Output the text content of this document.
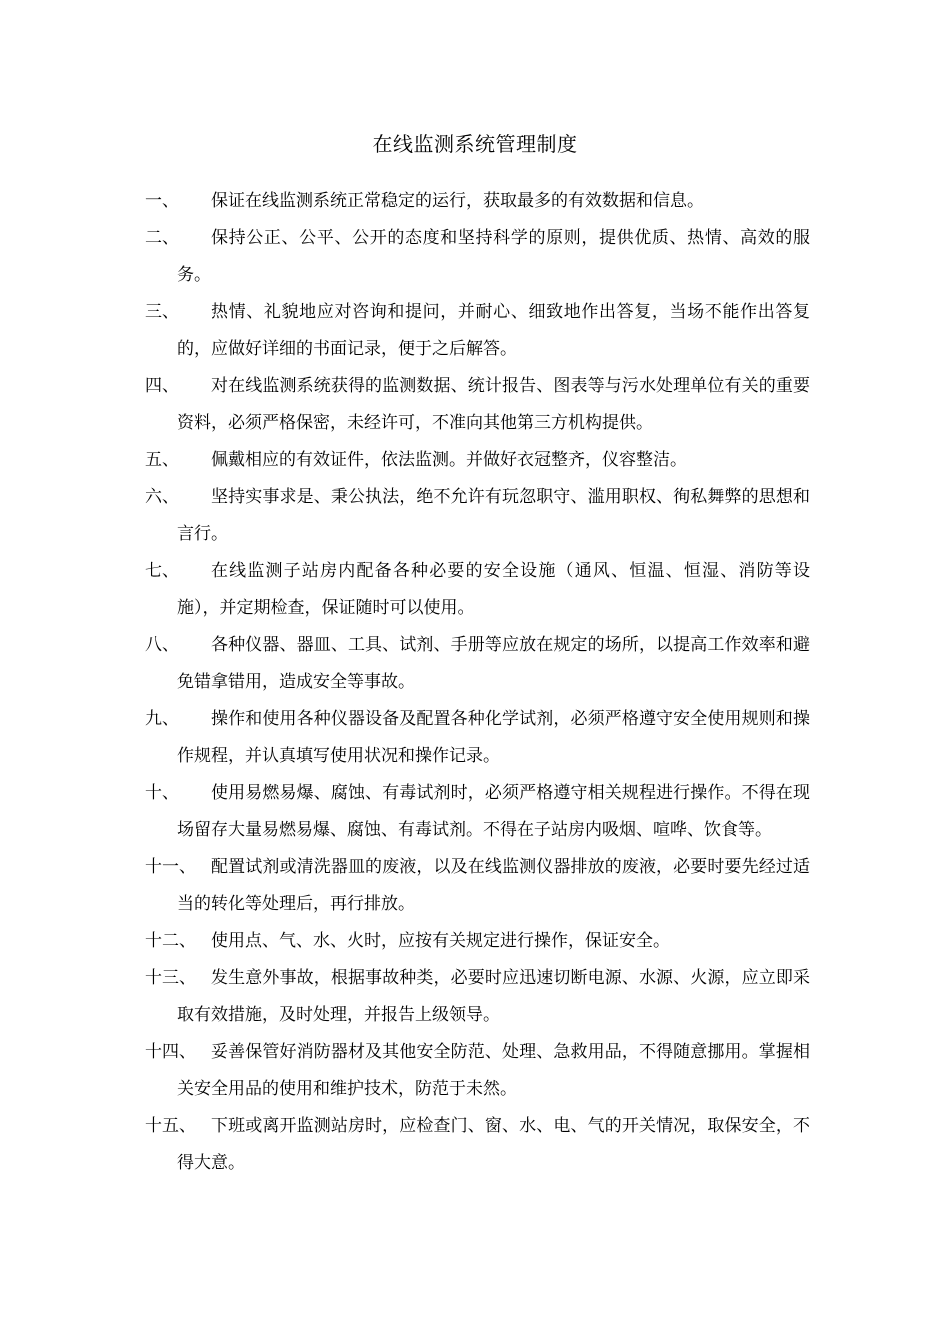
在线监测系统管理制度
一、	保证在线监测系统正常稳定的运行，获取最多的有效数据和信息。
二、	保持公正、公平、公开的态度和坚持科学的原则，提供优质、热情、高效的服务。
三、	热情、礼貌地应对咨询和提问，并耐心、细致地作出答复，当场不能作出答复的，应做好详细的书面记录，便于之后解答。
四、	对在线监测系统获得的监测数据、统计报告、图表等与污水处理单位有关的重要资料，必须严格保密，未经许可，不准向其他第三方机构提供。
五、	佩戴相应的有效证件，依法监测。并做好衣冠整齐，仪容整洁。
六、	坚持实事求是、秉公执法，绝不允许有玩忽职守、滥用职权、徇私舞弊的思想和言行。
七、	在线监测子站房内配备各种必要的安全设施（通风、恒温、恒湿、消防等设施），并定期检查，保证随时可以使用。
八、	各种仪器、器皿、工具、试剂、手册等应放在规定的场所，以提高工作效率和避免错拿错用，造成安全等事故。
九、	操作和使用各种仪器设备及配置各种化学试剂，必须严格遵守安全使用规则和操作规程，并认真填写使用状况和操作记录。
十、	使用易燃易爆、腐蚀、有毒试剂时，必须严格遵守相关规程进行操作。不得在现场留存大量易燃易爆、腐蚀、有毒试剂。不得在子站房内吸烟、喧哗、饮食等。
十一、 配置试剂或清洗器皿的废液，以及在线监测仪器排放的废液，必要时要先经过适当的转化等处理后，再行排放。
十二、 使用点、气、水、火时，应按有关规定进行操作，保证安全。
十三、 发生意外事故，根据事故种类，必要时应迅速切断电源、水源、火源，应立即采取有效措施，及时处理，并报告上级领导。
十四、 妥善保管好消防器材及其他安全防范、处理、急救用品，不得随意挪用。掌握相关安全用品的使用和维护技术，防范于未然。
十五、 下班或离开监测站房时，应检查门、窗、水、电、气的开关情况，取保安全，不得大意。
